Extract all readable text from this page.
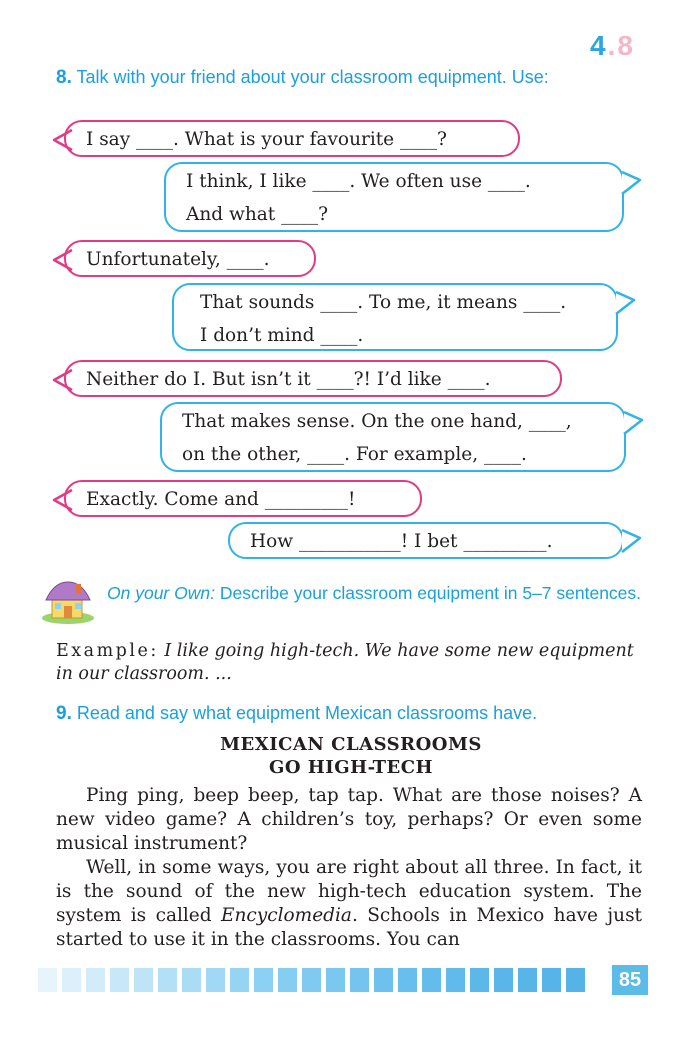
4.8
8. Talk with your friend about your classroom equipment. Use:
I say ____. What is your favourite ____?
I think, I like ____. We often use ____.
And what ____?
Unfortunately, ____.
That sounds ____. To me, it means ____.
I don’t mind ____.
Neither do I. But isn’t it ____?! I’d like ____.
That makes sense. On the one hand, ____,
on the other, ____. For example, ____.
Exactly. Come and _________!
How ___________! I bet _________.
On your Own: Describe your classroom equipment in 5–7 sentences.
Example: I like going high-tech. We have some new equipment in our classroom. ...
9. Read and say what equipment Mexican classrooms have.
MEXICAN CLASSROOMS
GO HIGH-TECH

Ping ping, beep beep, tap tap. What are those noises? A new video game? A children’s toy, perhaps? Or even some musical instrument?

Well, in some ways, you are right about all three. In fact, it is the sound of the new high-tech education system. The system is called Encyclomedia. Schools in Mexico have just started to use it in the classrooms. You can

85
